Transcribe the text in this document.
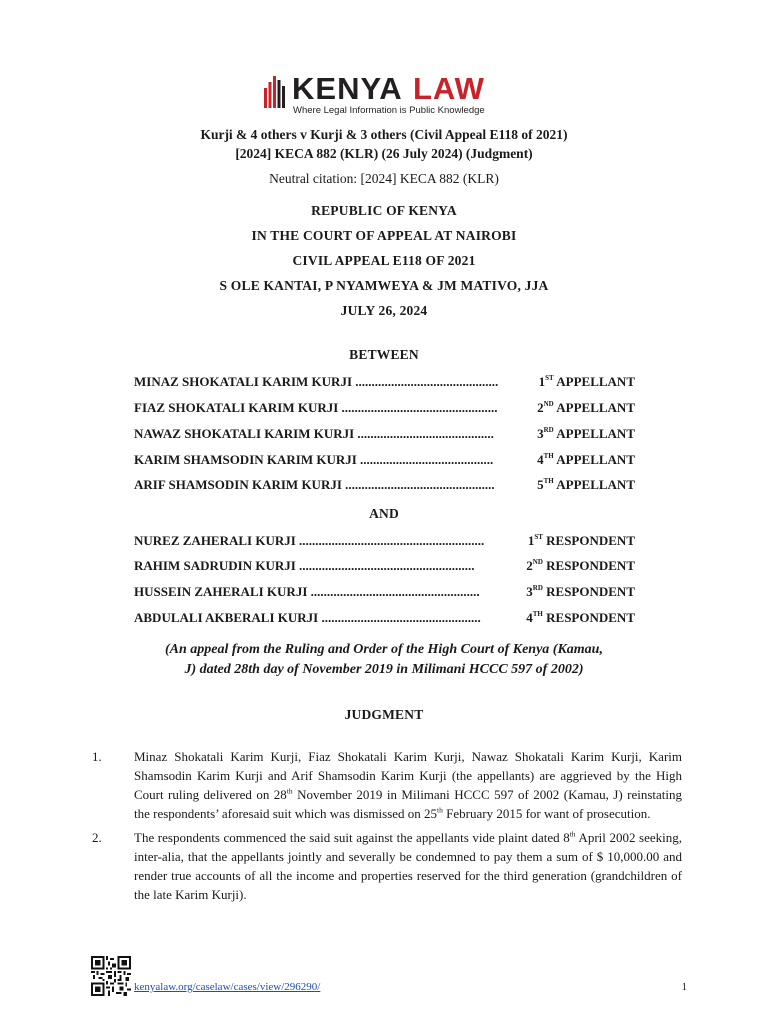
KENYA LAW
Where Legal Information is Public Knowledge
Kurji & 4 others v Kurji & 3 others (Civil Appeal E118 of 2021)
[2024] KECA 882 (KLR) (26 July 2024) (Judgment)
Neutral citation: [2024] KECA 882 (KLR)
REPUBLIC OF KENYA
IN THE COURT OF APPEAL AT NAIROBI
CIVIL APPEAL E118 OF 2021
S OLE KANTAI, P NYAMWEYA & JM MATIVO, JJA
JULY 26, 2024
BETWEEN
MINAZ SHOKATALI KARIM KURJI ............................................	1ST APPELLANT
FIAZ SHOKATALI KARIM KURJI ................................................	2ND APPELLANT
NAWAZ SHOKATALI KARIM KURJI ..........................................	3RD APPELLANT
KARIM SHAMSODIN KARIM KURJI .........................................	4TH APPELLANT
ARIF SHAMSODIN KARIM KURJI ..............................................	5TH APPELLANT
AND
NUREZ ZAHERALI KURJI .........................................................	1ST RESPONDENT
RAHIM SADRUDIN KURJI ......................................................	2ND RESPONDENT
HUSSEIN ZAHERALI KURJI ....................................................	3RD RESPONDENT
ABDULALI AKBERALI KURJI .................................................	4TH RESPONDENT
(An appeal from the Ruling and Order of the High Court of Kenya (Kamau,
J) dated 28th day of November 2019 in Milimani HCCC 597 of 2002)
JUDGMENT
1. Minaz Shokatali Karim Kurji, Fiaz Shokatali Karim Kurji, Nawaz Shokatali Karim Kurji, Karim Shamsodin Karim Kurji and Arif Shamsodin Karim Kurji (the appellants) are aggrieved by the High Court ruling delivered on 28th November 2019 in Milimani HCCC 597 of 2002 (Kamau, J) reinstating the respondents’ aforesaid suit which was dismissed on 25th February 2015 for want of prosecution.
2. The respondents commenced the said suit against the appellants vide plaint dated 8th April 2002 seeking, inter-alia, that the appellants jointly and severally be condemned to pay them a sum of $ 10,000.00 and render true accounts of all the income and properties reserved for the third generation (grandchildren of the late Karim Kurji).
kenyalaw.org/caselaw/cases/view/296290/	1
